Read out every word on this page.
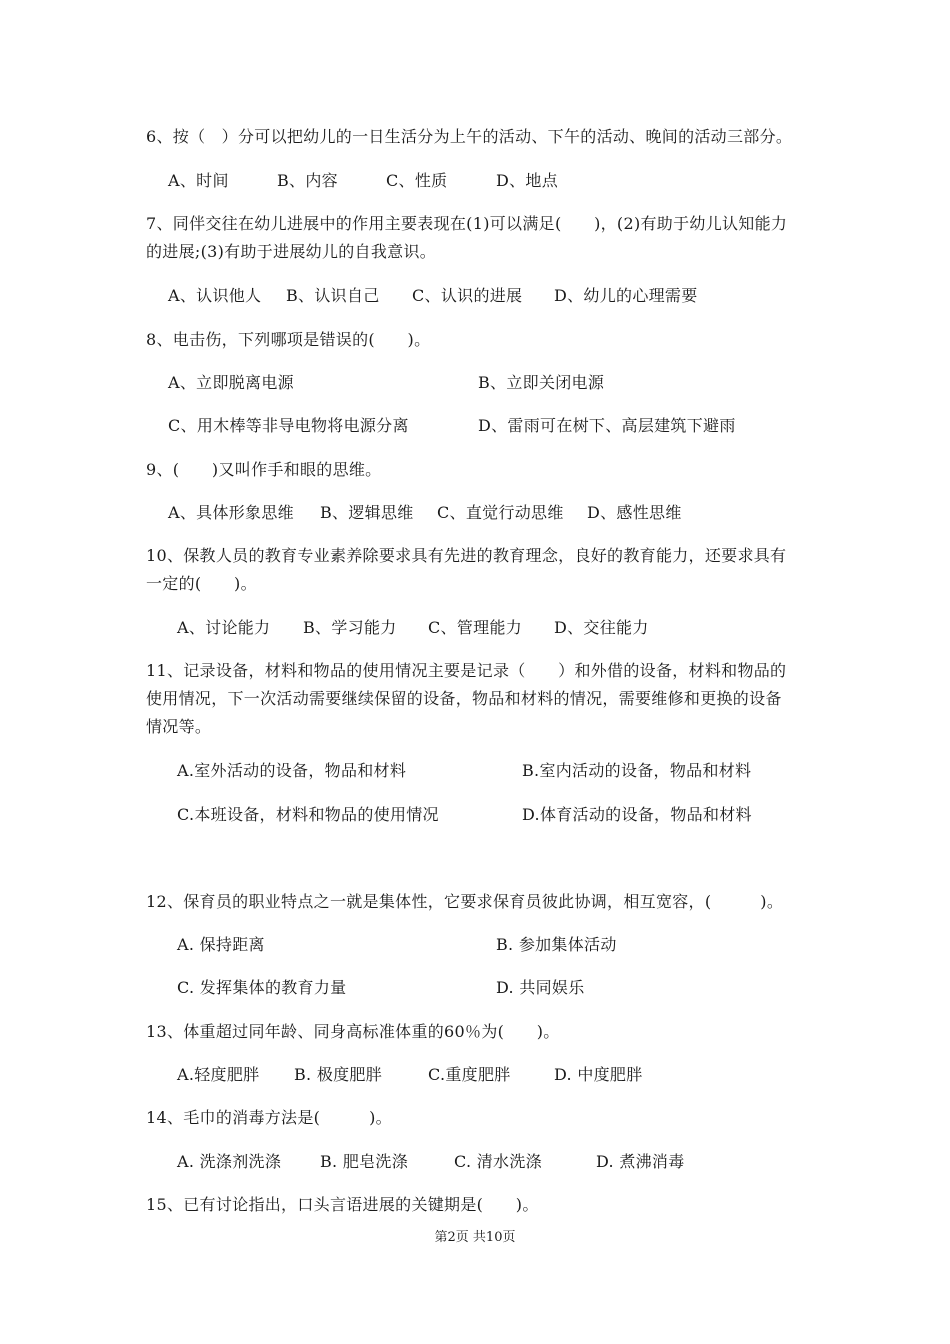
6、按（　）分可以把幼儿的一日生活分为上午的活动、下午的活动、晚间的活动三部分。
A、时间	B、内容	C、性质	D、地点
7、同伴交往在幼儿进展中的作用主要表现在(1)可以满足(　　)，(2)有助于幼儿认知能力
的进展;(3)有助于进展幼儿的自我意识。
A、认识他人 B、认识自己 C、认识的进展 D、幼儿的心理需要
8、电击伤，下列哪项是错误的(　　)。
A、立即脱离电源	B、立即关闭电源
C、用木棒等非导电物将电源分离	D、雷雨可在树下、高层建筑下避雨
9、(　　)又叫作手和眼的思维。
A、具体形象思维 B、逻辑思维 C、直觉行动思维 D、感性思维
10、保教人员的教育专业素养除要求具有先进的教育理念，良好的教育能力，还要求具有
一定的(　　)。
A、讨论能力 B、学习能力 C、管理能力 D、交往能力
11、记录设备，材料和物品的使用情况主要是记录（　　）和外借的设备，材料和物品的
使用情况，下一次活动需要继续保留的设备，物品和材料的情况，需要维修和更换的设备
情况等。
A.室外活动的设备，物品和材料	B.室内活动的设备，物品和材料
C.本班设备，材料和物品的使用情况	D.体育活动的设备，物品和材料
12、保育员的职业特点之一就是集体性，它要求保育员彼此协调，相互宽容，(　　　)。
A. 保持距离	B. 参加集体活动
C. 发挥集体的教育力量	D. 共同娱乐
13、体重超过同年龄、同身高标准体重的60％为(　　)。
A.轻度肥胖 B. 极度肥胖	C.重度肥胖	D. 中度肥胖
14、毛巾的消毒方法是(　　　)。
A. 洗涤剂洗涤 B. 肥皂洗涤	C. 清水洗涤	D. 煮沸消毒
15、已有讨论指出，口头言语进展的关键期是(　　)。
第2页 共10页
